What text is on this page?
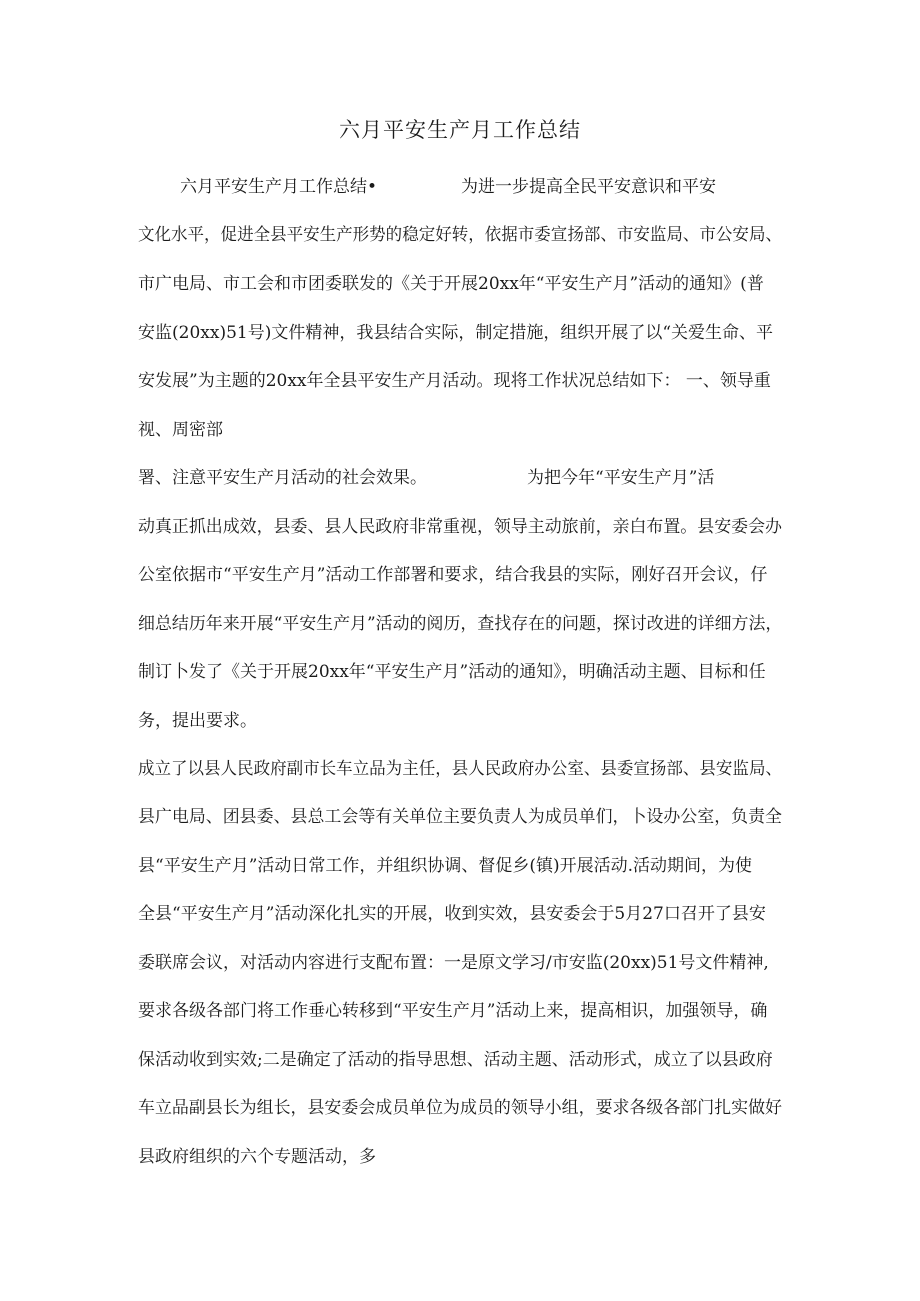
六月平安生产月工作总结
六月平安生产月工作总结•	为进一步提高全民平安意识和平安
文化水平，促进全县平安生产形势的稳定好转，依据市委宣扬部、市安监局、市公安局、
市广电局、市工会和市团委联发的《关于开展20xx年“平安生产月”活动的通知》(普
安监(20xx)51号)文件精神，我县结合实际，制定措施，组织开展了以“关爱生命、平
安发展”为主题的20xx年全县平安生产月活动。现将工作状况总结如下： 一、领导重
视、周密部
署、注意平安生产月活动的社会效果。	为把今年“平安生产月”活
动真正抓出成效，县委、县人民政府非常重视，领导主动旅前，亲白布置。县安委会办
公室依据市“平安生产月”活动工作部署和要求，结合我县的实际，刚好召开会议，仔
细总结历年来开展“平安生产月”活动的阅历，查找存在的问题，探讨改进的详细方法，
制订卜发了《关于开展20xx年“平安生产月”活动的通知》，明确活动主题、目标和任
务，提出要求。
成立了以县人民政府副市长车立品为主任，县人民政府办公室、县委宣扬部、县安监局、
县广电局、团县委、县总工会等有关单位主要负责人为成员单们，卜设办公室，负责全
县“平安生产月”活动日常工作，并组织协调、督促乡(镇)开展活动.活动期间，为使
全县“平安生产月”活动深化扎实的开展，收到实效，县安委会于5月27口召开了县安
委联席会议，对活动内容进行支配布置：一是原文学习/市安监(20xx)51号文件精神,
要求各级各部门将工作垂心转移到“平安生产月”活动上来，提高相识，加强领导，确
保活动收到实效;二是确定了活动的指导思想、活动主题、活动形式，成立了以县政府
车立品副县长为组长，县安委会成员单位为成员的领导小组，要求各级各部门扎实做好
县政府组织的六个专题活动，多
